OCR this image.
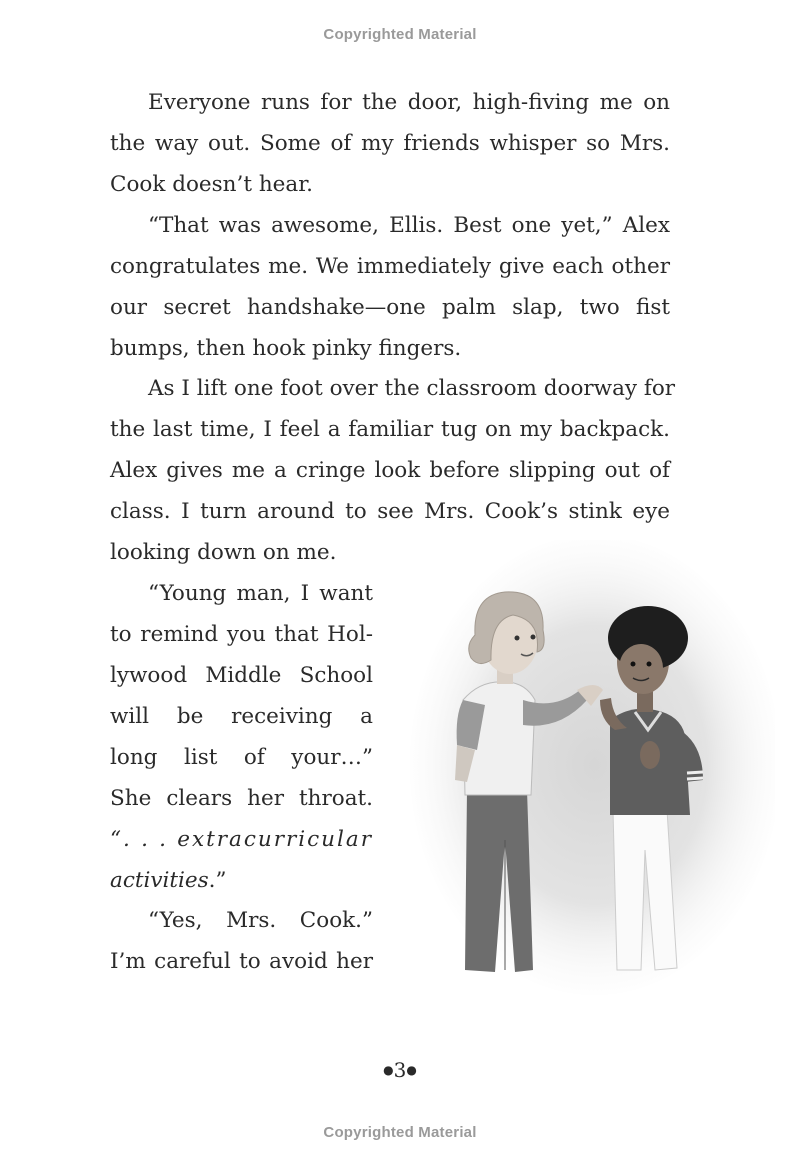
Copyrighted Material
Everyone runs for the door, high-fiving me on
the way out. Some of my friends whisper so Mrs.
Cook doesn’t hear.
“That was awesome, Ellis. Best one yet,” Alex
congratulates me. We immediately give each other
our secret handshake—one palm slap, two fist
bumps, then hook pinky fingers.
As I lift one foot over the classroom doorway for
the last time, I feel a familiar tug on my backpack.
Alex gives me a cringe look before slipping out of
class. I turn around to see Mrs. Cook’s stink eye
looking down on me.
“Young man, I want
to remind you that Hol-
lywood Middle School
will be receiving a
long list of your…”
She clears her throat.
“. . . extracurricular
activities.”
“Yes, Mrs. Cook.”
I’m careful to avoid her
●3●
Copyrighted Material
